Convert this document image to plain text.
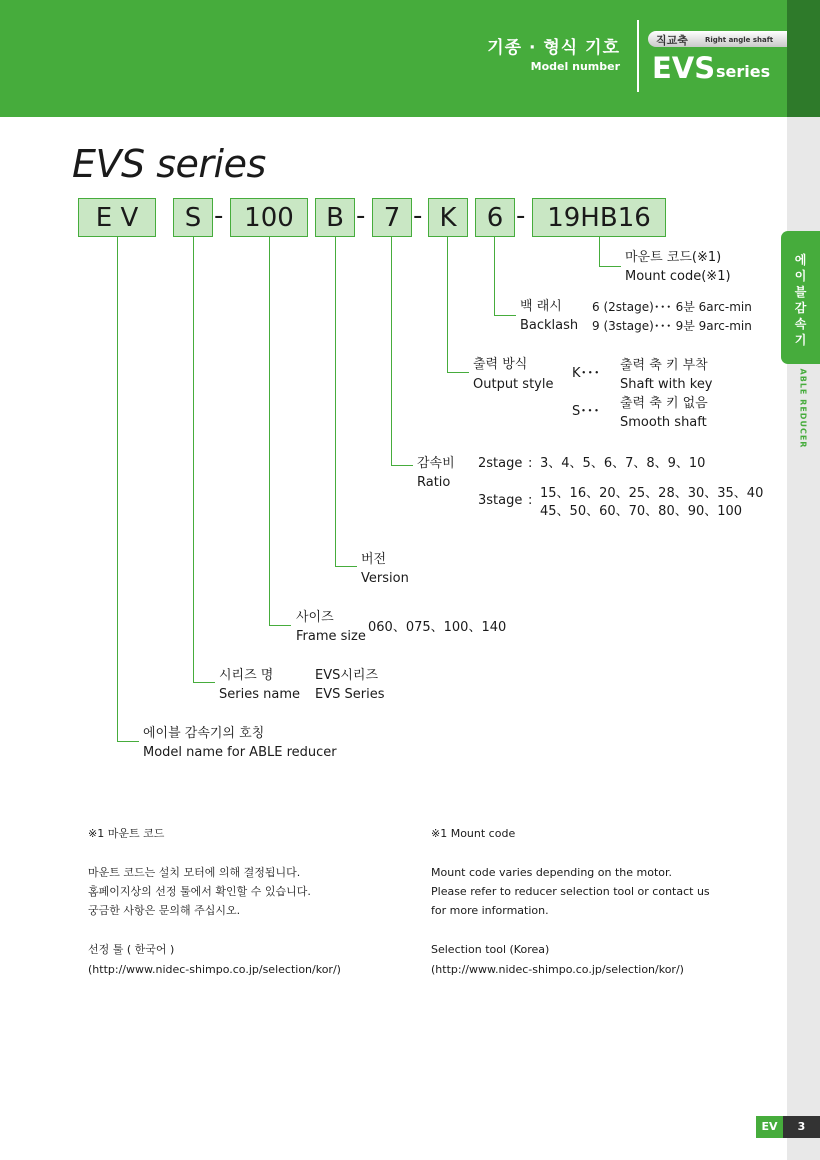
기종 · 형식 기호
Model number
직교축 Right angle shaft
EVS series
에
이
블
감
속
기
ABLE REDUCER
EVS series
E V	S - 100	B - 7 - K	6 - 19HB16
마운트 코드(※1)
Mount code(※1)
백 래시
Backlash
6 (2stage)･･･ 6분 6arc-min
9 (3stage)･･･ 9분 9arc-min
출력 방식
Output style
K･･･
출력 축 키 부착
Shaft with key
S･･･
출력 축 키 없음
Smooth shaft
감속비
Ratio
2stage : 3、4、5、6、7、8、9、10
3stage : 15、16、20、25、28、30、35、40
45、50、60、70、80、90、100
버전
Version
사이즈
Frame size
060、075、100、140
시리즈 명
Series name
EVS시리즈
EVS Series
에이블 감속기의 호칭
Model name for ABLE reducer
※1 마운트 코드
마운트 코드는 설치 모터에 의해 결정됩니다.
홈페이지상의 선정 툴에서 확인할 수 있습니다.
궁금한 사항은 문의해 주십시오.
선정 툴 ( 한국어 )
(http://www.nidec-shimpo.co.jp/selection/kor/)
※1 Mount code
Mount code varies depending on the motor.
Please refer to reducer selection tool or contact us
for more information.
Selection tool (Korea)
(http://www.nidec-shimpo.co.jp/selection/kor/)
EV	3
